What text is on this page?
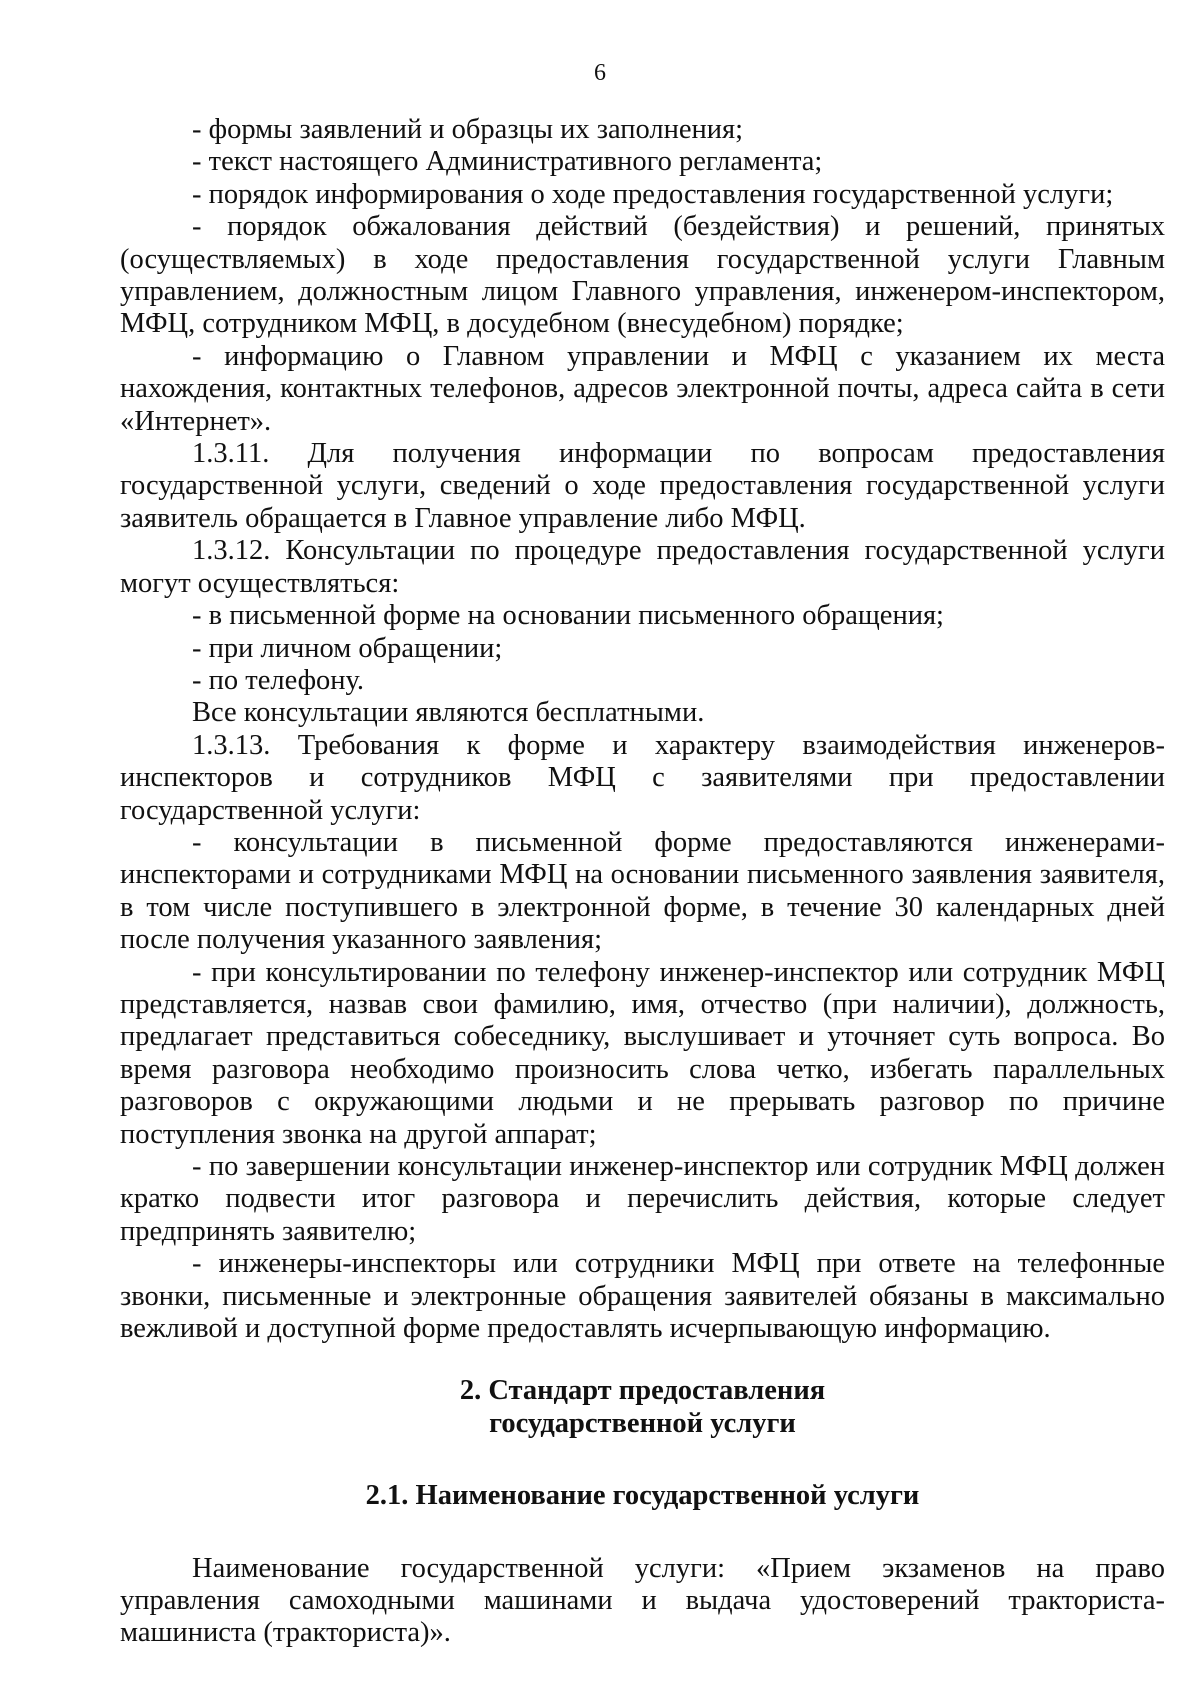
6

- формы заявлений и образцы их заполнения;

- текст настоящего Административного регламента;

- порядок информирования о ходе предоставления государственной услуги;

- порядок обжалования действий (бездействия) и решений, принятых (осуществляемых) в ходе предоставления государственной услуги Главным управлением, должностным лицом Главного управления, инженером-инспектором, МФЦ, сотрудником МФЦ, в досудебном (внесудебном) порядке;

- информацию о Главном управлении и МФЦ с указанием их места нахождения, контактных телефонов, адресов электронной почты, адреса сайта в сети «Интернет».

1.3.11. Для получения информации по вопросам предоставления государственной услуги, сведений о ходе предоставления государственной услуги заявитель обращается в Главное управление либо МФЦ.

1.3.12. Консультации по процедуре предоставления государственной услуги могут осуществляться:

- в письменной форме на основании письменного обращения;

- при личном обращении;

- по телефону.

Все консультации являются бесплатными.

1.3.13. Требования к форме и характеру взаимодействия инженеров-инспекторов и сотрудников МФЦ с заявителями при предоставлении государственной услуги:

- консультации в письменной форме предоставляются инженерами-инспекторами и сотрудниками МФЦ на основании письменного заявления заявителя, в том числе поступившего в электронной форме, в течение 30 календарных дней после получения указанного заявления;

- при консультировании по телефону инженер-инспектор или сотрудник МФЦ представляется, назвав свои фамилию, имя, отчество (при наличии), должность, предлагает представиться собеседнику, выслушивает и уточняет суть вопроса. Во время разговора необходимо произносить слова четко, избегать параллельных разговоров с окружающими людьми и не прерывать разговор по причине поступления звонка на другой аппарат;

- по завершении консультации инженер-инспектор или сотрудник МФЦ должен кратко подвести итог разговора и перечислить действия, которые следует предпринять заявителю;

- инженеры-инспекторы или сотрудники МФЦ при ответе на телефонные звонки, письменные и электронные обращения заявителей обязаны в максимально вежливой и доступной форме предоставлять исчерпывающую информацию.

2. Стандарт предоставления

государственной услуги

2.1. Наименование государственной услуги

Наименование государственной услуги: «Прием экзаменов на право управления самоходными машинами и выдача удостоверений тракториста-машиниста (тракториста)».
